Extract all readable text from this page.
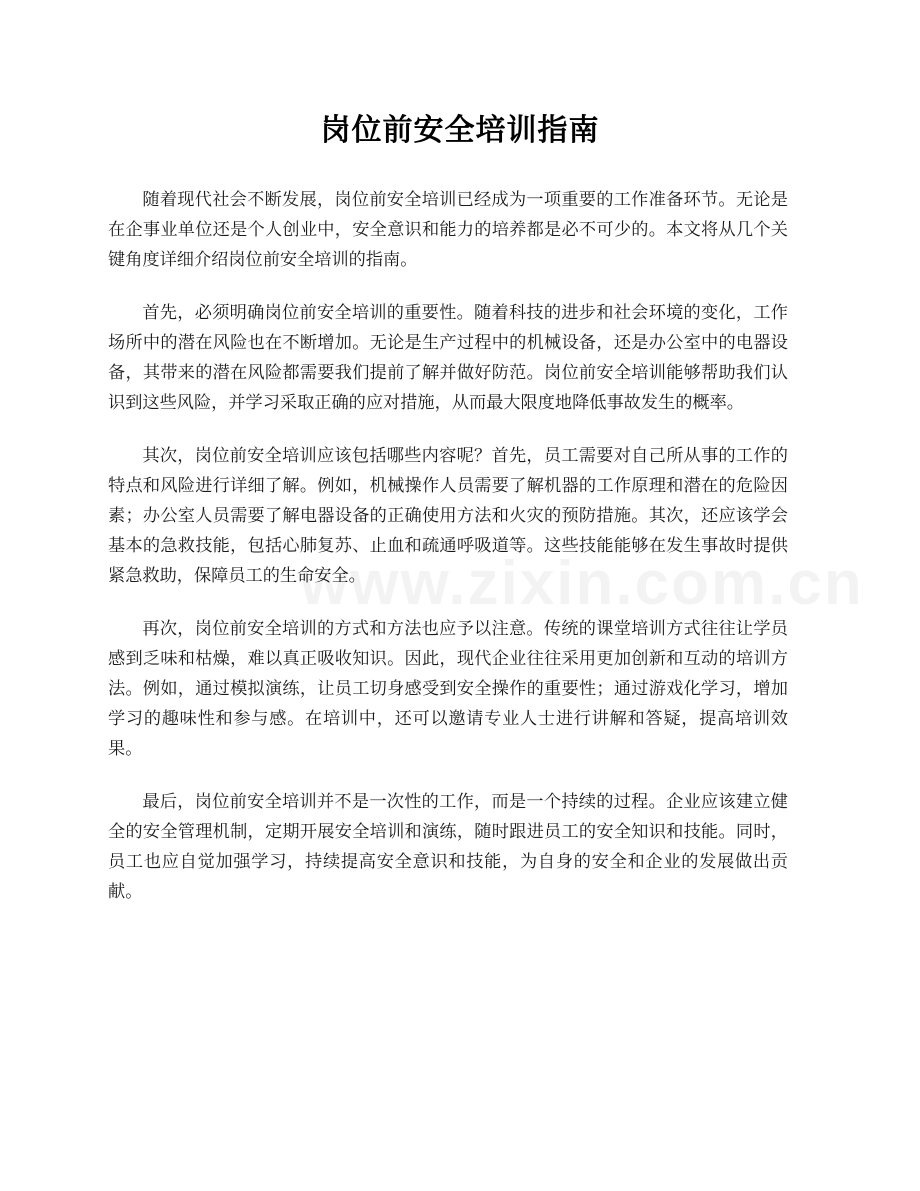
岗位前安全培训指南

随着现代社会不断发展，岗位前安全培训已经成为一项重要的工作准备环节。无论是在企事业单位还是个人创业中，安全意识和能力的培养都是必不可少的。本文将从几个关键角度详细介绍岗位前安全培训的指南。

首先，必须明确岗位前安全培训的重要性。随着科技的进步和社会环境的变化，工作场所中的潜在风险也在不断增加。无论是生产过程中的机械设备，还是办公室中的电器设备，其带来的潜在风险都需要我们提前了解并做好防范。岗位前安全培训能够帮助我们认识到这些风险，并学习采取正确的应对措施，从而最大限度地降低事故发生的概率。

其次，岗位前安全培训应该包括哪些内容呢？首先，员工需要对自己所从事的工作的特点和风险进行详细了解。例如，机械操作人员需要了解机器的工作原理和潜在的危险因素；办公室人员需要了解电器设备的正确使用方法和火灾的预防措施。其次，还应该学会基本的急救技能，包括心肺复苏、止血和疏通呼吸道等。这些技能能够在发生事故时提供紧急救助，保障员工的生命安全。

再次，岗位前安全培训的方式和方法也应予以注意。传统的课堂培训方式往往让学员感到乏味和枯燥，难以真正吸收知识。因此，现代企业往往采用更加创新和互动的培训方法。例如，通过模拟演练，让员工切身感受到安全操作的重要性；通过游戏化学习，增加学习的趣味性和参与感。在培训中，还可以邀请专业人士进行讲解和答疑，提高培训效果。

最后，岗位前安全培训并不是一次性的工作，而是一个持续的过程。企业应该建立健全的安全管理机制，定期开展安全培训和演练，随时跟进员工的安全知识和技能。同时，员工也应自觉加强学习，持续提高安全意识和技能，为自身的安全和企业的发展做出贡献。
